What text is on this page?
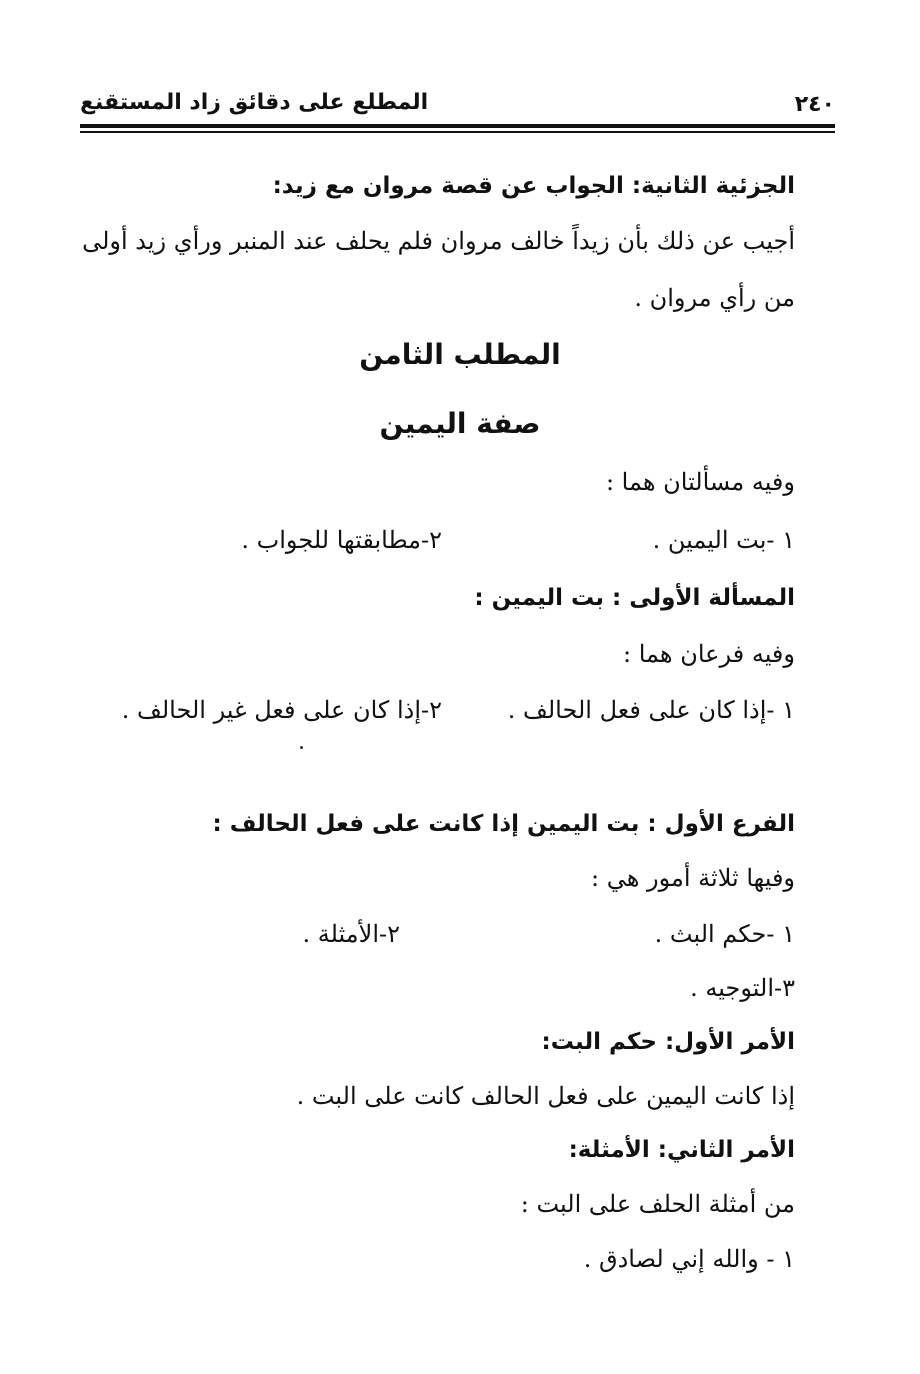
٢٤٠
المطلع على دقائق زاد المستقنع
الجزئية الثانية: الجواب عن قصة مروان مع زيد:
أجيب عن ذلك بأن زيداً خالف مروان فلم يحلف عند المنبر ورأي زيد أولى
من رأي مروان .
المطلب الثامن
صفة اليمين
وفيه مسألتان هما :
١ -بت اليمين .
٢-مطابقتها للجواب .
المسألة الأولى : بت اليمين :
وفيه فرعان هما :
١ -إذا كان على فعل الحالف .
٢-إذا كان على فعل غير الحالف .
الفرع الأول : بت اليمين إذا كانت على فعل الحالف :
وفيها ثلاثة أمور هي :
١ -حكم البث .
٢-الأمثلة .
٣-التوجيه .
الأمر الأول: حكم البت:
إذا كانت اليمين على فعل الحالف كانت على البت .
الأمر الثاني: الأمثلة:
من أمثلة الحلف على البت :
١ - والله إني لصادق .
